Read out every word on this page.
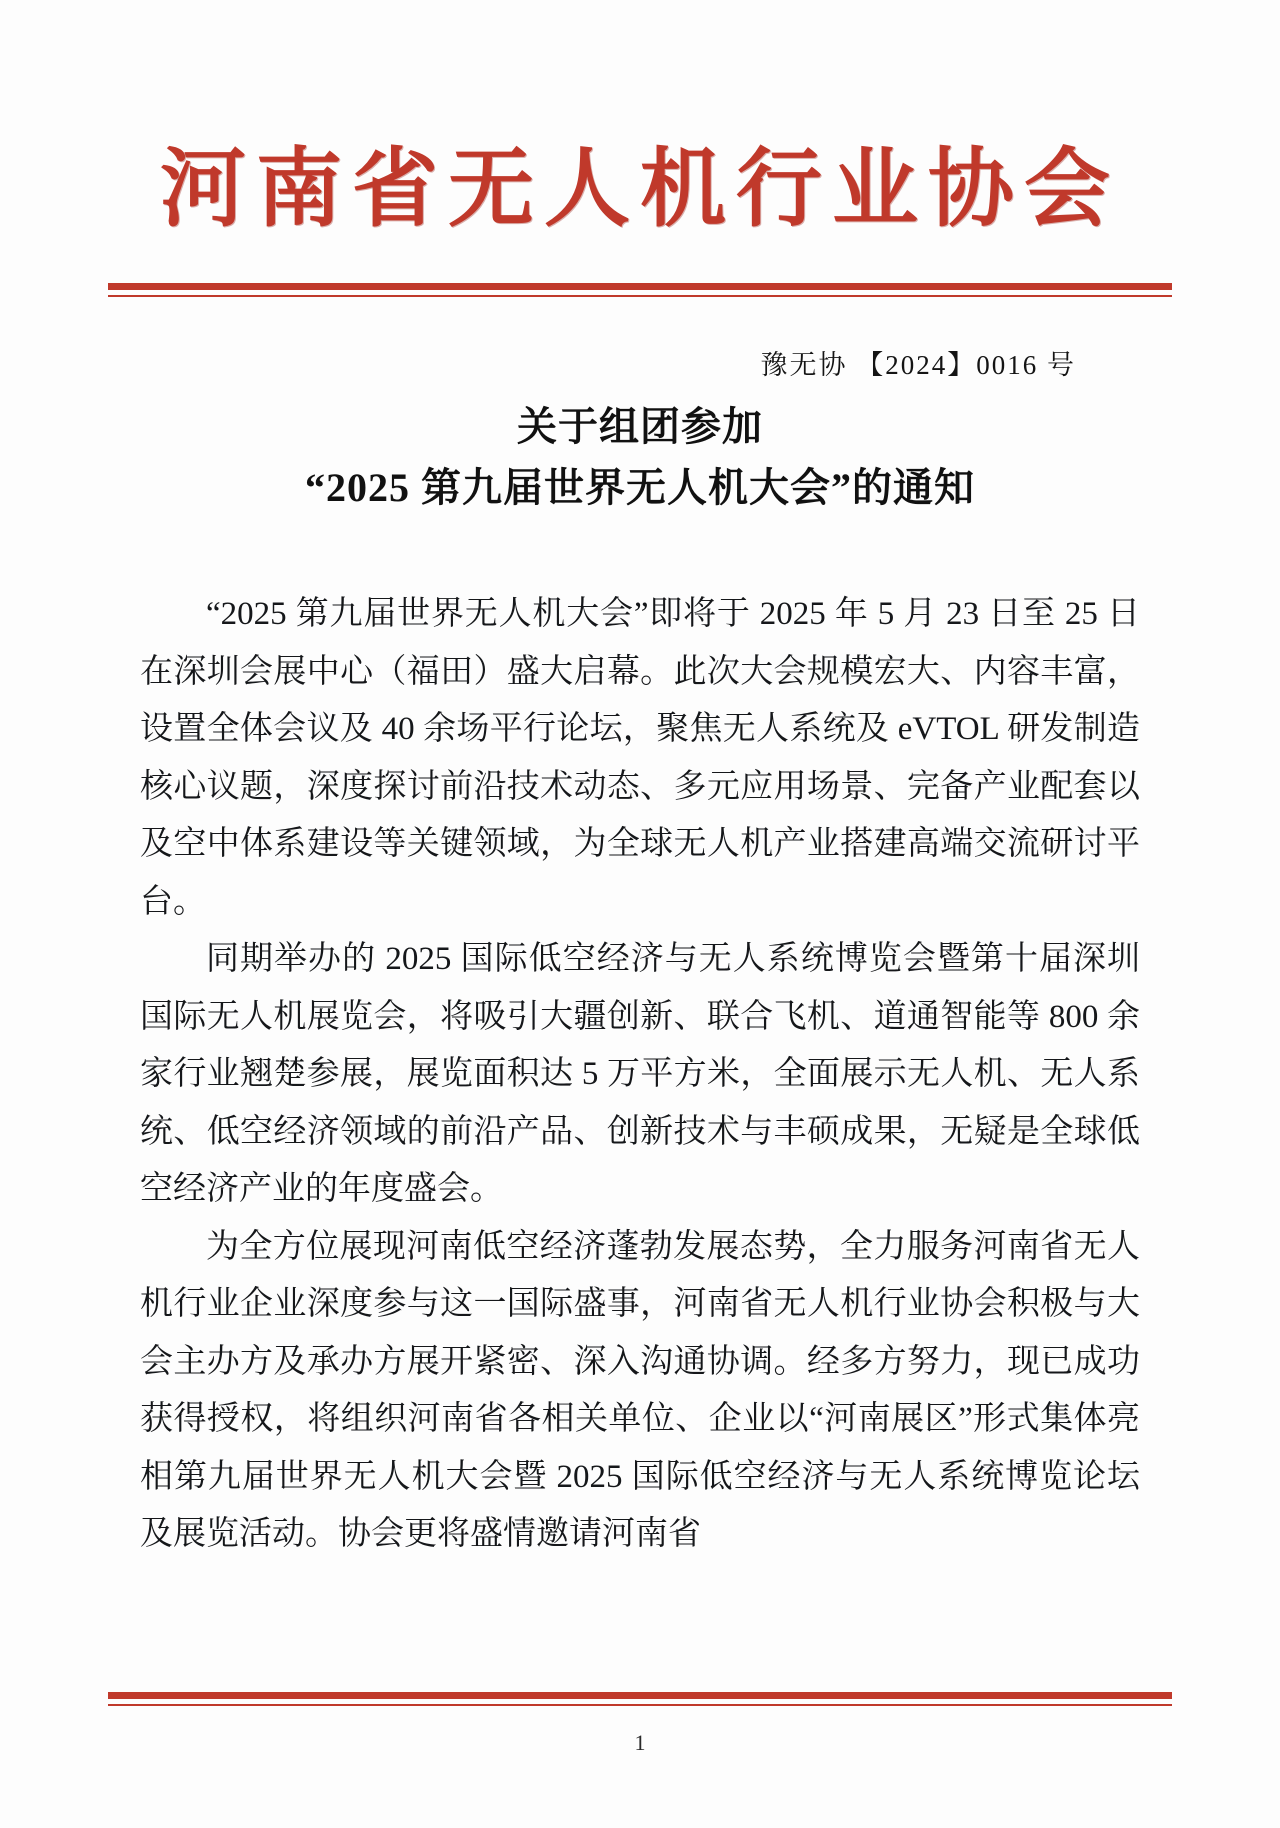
河南省无人机行业协会
豫无协 【2024】0016 号
关于组团参加
“2025 第九届世界无人机大会”的通知

“2025 第九届世界无人机大会”即将于 2025 年 5 月 23 日至 25 日在深圳会展中心（福田）盛大启幕。此次大会规模宏大、内容丰富，设置全体会议及 40 余场平行论坛，聚焦无人系统及 eVTOL 研发制造核心议题，深度探讨前沿技术动态、多元应用场景、完备产业配套以及空中体系建设等关键领域，为全球无人机产业搭建高端交流研讨平台。

同期举办的 2025 国际低空经济与无人系统博览会暨第十届深圳国际无人机展览会，将吸引大疆创新、联合飞机、道通智能等 800 余家行业翘楚参展，展览面积达 5 万平方米，全面展示无人机、无人系统、低空经济领域的前沿产品、创新技术与丰硕成果，无疑是全球低空经济产业的年度盛会。

为全方位展现河南低空经济蓬勃发展态势，全力服务河南省无人机行业企业深度参与这一国际盛事，河南省无人机行业协会积极与大会主办方及承办方展开紧密、深入沟通协调。经多方努力，现已成功获得授权，将组织河南省各相关单位、企业以“河南展区”形式集体亮相第九届世界无人机大会暨 2025 国际低空经济与无人系统博览论坛及展览活动。协会更将盛情邀请河南省

1
